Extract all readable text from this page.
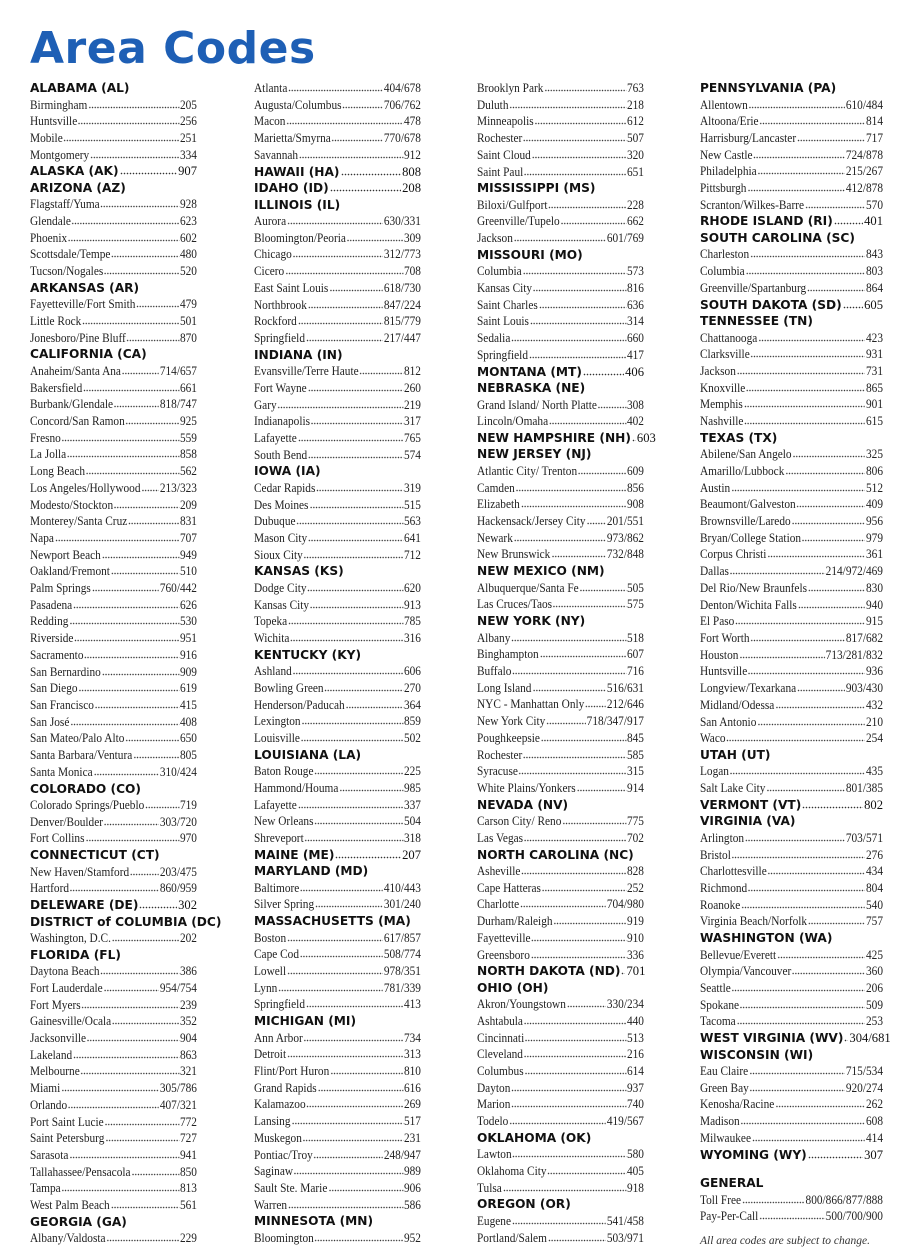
Area Codes
ALABAMA (AL)
Birmingham	205
Huntsville	256
Mobile	251
Montgomery	334
ALASKA (AK)	907
ARIZONA (AZ)
Flagstaff/Yuma	928
Glendale	623
Phoenix	602
Scottsdale/Tempe	480
Tucson/Nogales	520
ARKANSAS (AR)
Fayetteville/Fort Smith	479
Little Rock	501
Jonesboro/Pine Bluff	870
CALIFORNIA (CA)
Anaheim/Santa Ana	714/657
Bakersfield	661
Burbank/Glendale	818/747
Concord/San Ramon	925
Fresno	559
La Jolla	858
Long Beach	562
Los Angeles/Hollywood 213/323
Modesto/Stockton	209
Monterey/Santa Cruz	831
Napa	707
Newport Beach	949
Oakland/Fremont	510
Palm Springs	760/442
Pasadena	626
Redding	530
Riverside	951
Sacramento	916
San Bernardino	909
San Diego	619
San Francisco	415
San José	408
San Mateo/Palo Alto	650
Santa Barbara/Ventura	805
Santa Monica	310/424
COLORADO (CO)
Colorado Springs/Pueblo	719
Denver/Boulder	303/720
Fort Collins	970
CONNECTICUT (CT)
New Haven/Stamford 203/475
Hartford	860/959
DELEWARE (DE)	302
DISTRICT of COLUMBIA (DC)
Washington, D.C.	202
FLORIDA (FL)
Daytona Beach	386
Fort Lauderdale	954/754
Fort Myers	239
Gainesville/Ocala	352
Jacksonville	904
Lakeland	863
Melbourne	321
Miami	305/786
Orlando	407/321
Port Saint Lucie	772
Saint Petersburg	727
Sarasota	941
Tallahassee/Pensacola	850
Tampa	813
West Palm Beach	561
GEORGIA (GA)
Albany/Valdosta	229
Atlanta	404/678
Augusta/Columbus	706/762
Macon	478
Marietta/Smyrna	770/678
Savannah	912
HAWAII (HA)	808
IDAHO (ID)	208
ILLINOIS (IL)
Aurora	630/331
Bloomington/Peoria	309
Chicago	312/773
Cicero	708
East Saint Louis	618/730
Northbrook	847/224
Rockford	815/779
Springfield	217/447
INDIANA (IN)
Evansville/Terre Haute	812
Fort Wayne	260
Gary	219
Indianapolis	317
Lafayette	765
South Bend	574
IOWA (IA)
Cedar Rapids	319
Des Moines	515
Dubuque	563
Mason City	641
Sioux City	712
KANSAS (KS)
Dodge City	620
Kansas City	913
Topeka	785
Wichita	316
KENTUCKY (KY)
Ashland	606
Bowling Green	270
Henderson/Paducah	364
Lexington	859
Louisville	502
LOUISIANA (LA)
Baton Rouge	225
Hammond/Houma	985
Lafayette	337
New Orleans	504
Shreveport	318
MAINE (ME)	207
MARYLAND (MD)
Baltimore	410/443
Silver Spring	301/240
MASSACHUSETTS (MA)
Boston	617/857
Cape Cod	508/774
Lowell	978/351
Lynn	781/339
Springfield	413
MICHIGAN (MI)
Ann Arbor	734
Detroit	313
Flint/Port Huron	810
Grand Rapids	616
Kalamazoo	269
Lansing	517
Muskegon	231
Pontiac/Troy	248/947
Saginaw	989
Sault Ste. Marie	906
Warren	586
MINNESOTA (MN)
Bloomington	952
Brooklyn Park	763
Duluth	218
Minneapolis	612
Rochester	507
Saint Cloud	320
Saint Paul	651
MISSISSIPPI (MS)
Biloxi/Gulfport	228
Greenville/Tupelo	662
Jackson	601/769
MISSOURI (MO)
Columbia	573
Kansas City	816
Saint Charles	636
Saint Louis	314
Sedalia	660
Springfield	417
MONTANA (MT)	406
NEBRASKA (NE)
Grand Island/ North Platte 308
Lincoln/Omaha	402
NEW HAMPSHIRE (NH) 603
NEW JERSEY (NJ)
Atlantic City/ Trenton	609
Camden	856
Elizabeth	908
Hackensack/Jersey City 201/551
Newark	973/862
New Brunswick	732/848
NEW MEXICO (NM)
Albuquerque/Santa Fe	505
Las Cruces/Taos	575
NEW YORK (NY)
Albany	518
Binghampton	607
Buffalo	716
Long Island	516/631
NYC - Manhattan Only 212/646
New York City	718/347/917
Poughkeepsie	845
Rochester	585
Syracuse	315
White Plains/Yonkers	914
NEVADA (NV)
Carson City/ Reno	775
Las Vegas	702
NORTH CAROLINA (NC)
Asheville	828
Cape Hatteras	252
Charlotte	704/980
Durham/Raleigh	919
Fayetteville	910
Greensboro	336
NORTH DAKOTA (ND) 701
OHIO (OH)
Akron/Youngstown	330/234
Ashtabula	440
Cincinnati	513
Cleveland	216
Columbus	614
Dayton	937
Marion	740
Todelo	419/567
OKLAHOMA (OK)
Lawton	580
Oklahoma City	405
Tulsa	918
OREGON (OR)
Eugene	541/458
Portland/Salem	503/971
PENNSYLVANIA (PA)
Allentown	610/484
Altoona/Erie	814
Harrisburg/Lancaster	717
New Castle	724/878
Philadelphia	215/267
Pittsburgh	412/878
Scranton/Wilkes-Barre	570
RHODE ISLAND (RI) 401
SOUTH CAROLINA (SC)
Charleston	843
Columbia	803
Greenville/Spartanburg	864
SOUTH DAKOTA (SD) 605
TENNESSEE (TN)
Chattanooga	423
Clarksville	931
Jackson	731
Knoxville	865
Memphis	901
Nashville	615
TEXAS (TX)
Abilene/San Angelo	325
Amarillo/Lubbock	806
Austin	512
Beaumont/Galveston	409
Brownsville/Laredo	956
Bryan/College Station	979
Corpus Christi	361
Dallas	214/972/469
Del Rio/New Braunfels	830
Denton/Wichita Falls	940
El Paso	915
Fort Worth	817/682
Houston	713/281/832
Huntsville	936
Longview/Texarkana	903/430
Midland/Odessa	432
San Antonio	210
Waco	254
UTAH (UT)
Logan	435
Salt Lake City	801/385
VERMONT (VT)	802
VIRGINIA (VA)
Arlington	703/571
Bristol	276
Charlottesville	434
Richmond	804
Roanoke	540
Virginia Beach/Norfolk	757
WASHINGTON (WA)
Bellevue/Everett	425
Olympia/Vancouver	360
Seattle	206
Spokane	509
Tacoma	253
WEST VIRGINIA (WV) 304/681
WISCONSIN (WI)
Eau Claire	715/534
Green Bay	920/274
Kenosha/Racine	262
Madison	608
Milwaukee	414
WYOMING (WY)	307
GENERAL
Toll Free	800/866/877/888
Pay-Per-Call	500/700/900
All area codes are subject to change.
